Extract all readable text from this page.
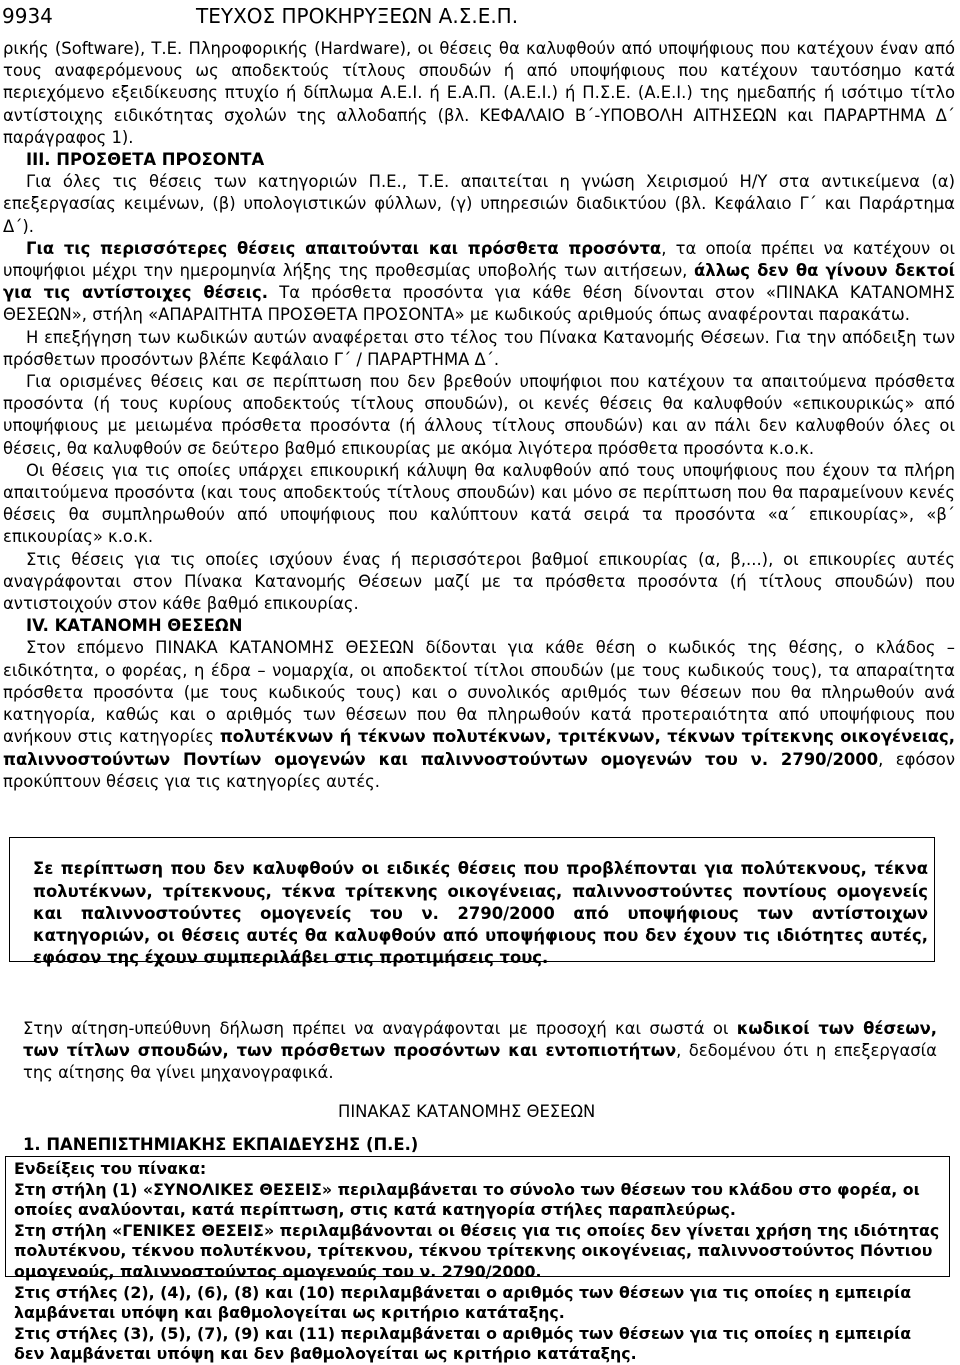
9934	ΤΕΥΧΟΣ ΠΡΟΚΗΡΥΞΕΩΝ Α.Σ.Ε.Π.

ρικής (Software), Τ.Ε. Πληροφορικής (Hardware), οι θέσεις θα καλυφθούν από υποψήφιους που κατέχουν έναν από τους αναφερόμενους ως αποδεκτούς τίτλους σπουδών ή από υποψήφιους που κατέχουν ταυτόσημο κατά περιεχόμενο εξειδίκευσης πτυχίο ή δίπλωμα Α.Ε.Ι. ή Ε.Α.Π. (Α.Ε.Ι.) ή Π.Σ.Ε. (Α.Ε.Ι.) της ημεδαπής ή ισότιμο τίτλο αντίστοιχης ειδικότητας σχολών της αλλοδαπής (βλ. ΚΕΦΑΛΑΙΟ Β΄-ΥΠΟΒΟΛΗ ΑΙΤΗΣΕΩΝ και ΠΑΡΑΡΤΗΜΑ Δ΄ παράγραφος 1).

ΙΙΙ. ΠΡΟΣΘΕΤΑ ΠΡΟΣΟΝΤΑ

Για όλες τις θέσεις των κατηγοριών Π.Ε., Τ.Ε. απαιτείται η γνώση Χειρισμού Η/Υ στα αντικείμενα (α) επεξεργασίας κειμένων, (β) υπολογιστικών φύλλων, (γ) υπηρεσιών διαδικτύου (βλ. Κεφάλαιο Γ΄ και Παράρτημα Δ΄).

Για τις περισσότερες θέσεις απαιτούνται και πρόσθετα προσόντα, τα οποία πρέπει να κατέχουν οι υποψήφιοι μέχρι την ημερομηνία λήξης της προθεσμίας υποβολής των αιτήσεων, άλλως δεν θα γίνουν δεκτοί για τις αντίστοιχες θέσεις. Τα πρόσθετα προσόντα για κάθε θέση δίνονται στον «ΠΙΝΑΚΑ ΚΑΤΑΝΟΜΗΣ ΘΕΣΕΩΝ», στήλη «ΑΠΑΡΑΙΤΗΤΑ ΠΡΟΣΘΕΤΑ ΠΡΟΣΟΝΤΑ» με κωδικούς αριθμούς όπως αναφέρονται παρακάτω.

Η επεξήγηση των κωδικών αυτών αναφέρεται στο τέλος του Πίνακα Κατανομής Θέσεων. Για την απόδειξη των πρόσθετων προσόντων βλέπε Κεφάλαιο Γ΄ / ΠΑΡΑΡΤΗΜΑ Δ΄.

Για ορισμένες θέσεις και σε περίπτωση που δεν βρεθούν υποψήφιοι που κατέχουν τα απαιτούμενα πρόσθετα προσόντα (ή τους κυρίους αποδεκτούς τίτλους σπουδών), οι κενές θέσεις θα καλυφθούν «επικουρικώς» από υποψήφιους με μειωμένα πρόσθετα προσόντα (ή άλλους τίτλους σπουδών) και αν πάλι δεν καλυφθούν όλες οι θέσεις, θα καλυφθούν σε δεύτερο βαθμό επικουρίας με ακόμα λιγότερα πρόσθετα προσόντα κ.ο.κ.

Οι θέσεις για τις οποίες υπάρχει επικουρική κάλυψη θα καλυφθούν από τους υποψήφιους που έχουν τα πλήρη απαιτούμενα προσόντα (και τους αποδεκτούς τίτλους σπουδών) και μόνο σε περίπτωση που θα παραμείνουν κενές θέσεις θα συμπληρωθούν από υποψήφιους που καλύπτουν κατά σειρά τα προσόντα «α΄ επικουρίας», «β΄ επικουρίας» κ.ο.κ.

Στις θέσεις για τις οποίες ισχύουν ένας ή περισσότεροι βαθμοί επικουρίας (α, β,...), οι επικουρίες αυτές αναγράφονται στον Πίνακα Κατανομής Θέσεων μαζί με τα πρόσθετα προσόντα (ή τίτλους σπουδών) που αντιστοιχούν στον κάθε βαθμό επικουρίας.

ΙV. ΚΑΤΑΝΟΜΗ ΘΕΣΕΩΝ

Στον επόμενο ΠΙΝΑΚΑ ΚΑΤΑΝΟΜΗΣ ΘΕΣΕΩΝ δίδονται για κάθε θέση ο κωδικός της θέσης, ο κλάδος – ειδικότητα, ο φορέας, η έδρα – νομαρχία, οι αποδεκτοί τίτλοι σπουδών (με τους κωδικούς τους), τα απαραίτητα πρόσθετα προσόντα (με τους κωδικούς τους) και ο συνολικός αριθμός των θέσεων που θα πληρωθούν ανά κατηγορία, καθώς και ο αριθμός των θέσεων που θα πληρωθούν κατά προτεραιότητα από υποψήφιους που ανήκουν στις κατηγορίες πολυτέκνων ή τέκνων πολυτέκνων, τριτέκνων, τέκνων τρίτεκνης οικογένειας, παλιννοστούντων Ποντίων ομογενών και παλιννοστούντων ομογενών του ν. 2790/2000, εφόσον προκύπτουν θέσεις για τις κατηγορίες αυτές.

Σε περίπτωση που δεν καλυφθούν οι ειδικές θέσεις που προβλέπονται για πολύτεκνους, τέκνα πολυτέκνων, τρίτεκνους, τέκνα τρίτεκνης οικογένειας, παλιννοστούντες ποντίους ομογενείς και παλιννοστούντες ομογενείς του ν. 2790/2000 από υποψήφιους των αντίστοιχων κατηγοριών, οι θέσεις αυτές θα καλυφθούν από υποψήφιους που δεν έχουν τις ιδιότητες αυτές, εφόσον της έχουν συμπεριλάβει στις προτιμήσεις τους.

Στην αίτηση-υπεύθυνη δήλωση πρέπει να αναγράφονται με προσοχή και σωστά οι κωδικοί των θέσεων, των τίτλων σπουδών, των πρόσθετων προσόντων και εντοπιοτήτων, δεδομένου ότι η επεξεργασία της αίτησης θα γίνει μηχανογραφικά.

ΠΙΝΑΚΑΣ ΚΑΤΑΝΟΜΗΣ ΘΕΣΕΩΝ
1. ΠΑΝΕΠΙΣΤΗΜΙΑΚΗΣ ΕΚΠΑΙΔΕΥΣΗΣ (Π.Ε.)

Ενδείξεις του πίνακα:

Στη στήλη (1) «ΣΥΝΟΛΙΚΕΣ ΘΕΣΕΙΣ» περιλαμβάνεται το σύνολο των θέσεων του κλάδου στο φορέα, οι οποίες αναλύονται, κατά περίπτωση, στις κατά κατηγορία στήλες παραπλεύρως.

Στη στήλη «ΓΕΝΙΚΕΣ ΘΕΣΕΙΣ» περιλαμβάνονται οι θέσεις για τις οποίες δεν γίνεται χρήση της ιδιότητας πολυτέκνου, τέκνου πολυτέκνου, τρίτεκνου, τέκνου τρίτεκνης οικογένειας, παλιννοστούντος Πόντιου ομογενούς, παλιννοστούντος ομογενούς του ν. 2790/2000.

Στις στήλες (2), (4), (6), (8) και (10) περιλαμβάνεται ο αριθμός των θέσεων για τις οποίες η εμπειρία λαμβάνεται υπόψη και βαθμολογείται ως κριτήριο κατάταξης.

Στις στήλες (3), (5), (7), (9) και (11) περιλαμβάνεται ο αριθμός των θέσεων για τις οποίες η εμπειρία δεν λαμβάνεται υπόψη και δεν βαθμολογείται ως κριτήριο κατάταξης.
